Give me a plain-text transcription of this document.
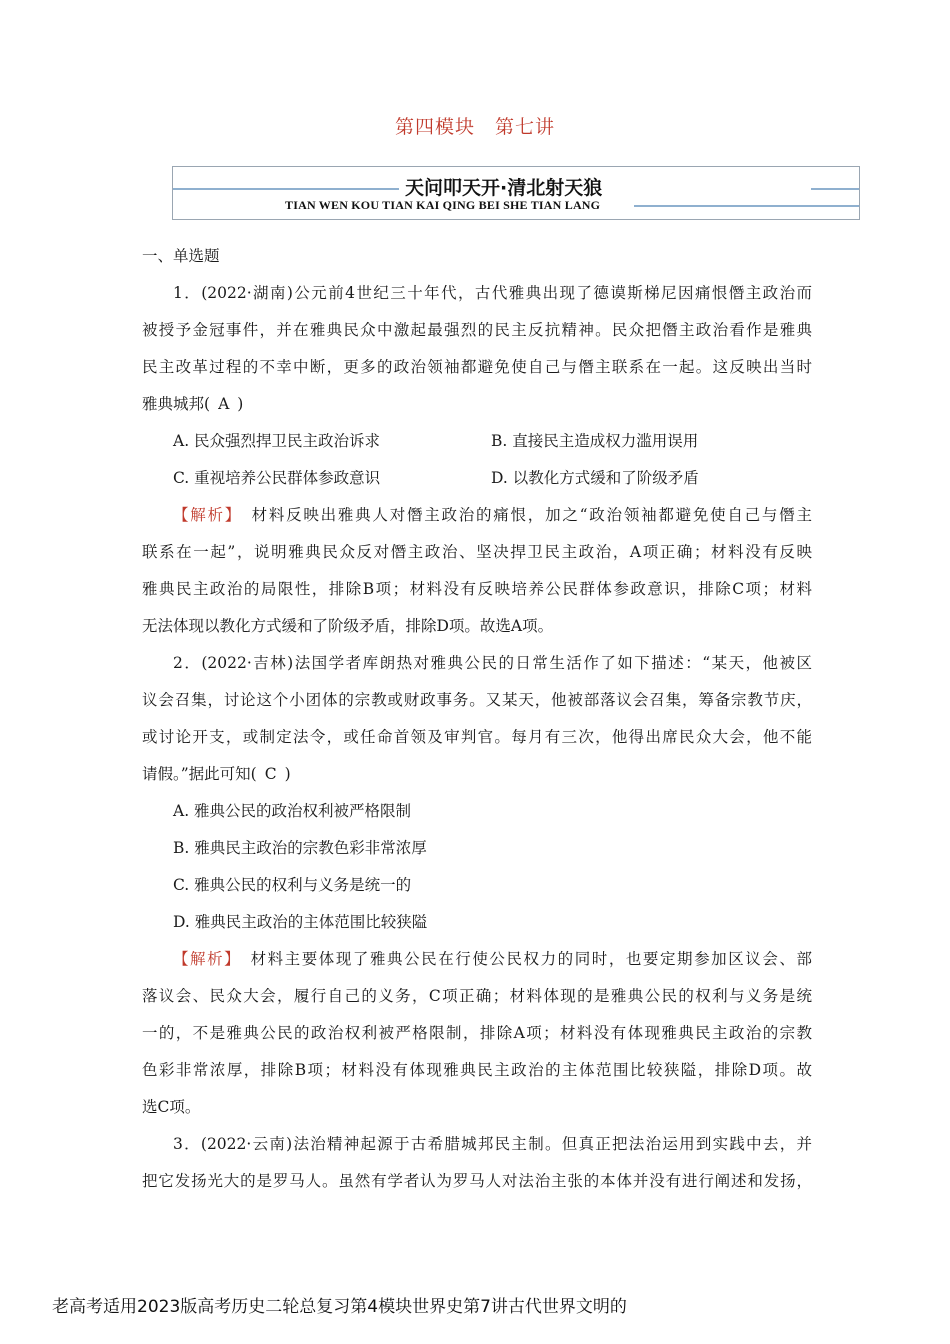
第四模块　第七讲
天问叩天开·清北射天狼
TIAN WEN KOU TIAN KAI QING BEI SHE TIAN LANG

一、单选题

1．(2022·湖南)公元前4世纪三十年代，古代雅典出现了德谟斯梯尼因痛恨僭主政治而

被授予金冠事件，并在雅典民众中激起最强烈的民主反抗精神。民众把僭主政治看作是雅典

民主改革过程的不幸中断，更多的政治领袖都避免使自己与僭主联系在一起。这反映出当时

雅典城邦( A )

A. 民众强烈捍卫民主政治诉求	B. 直接民主造成权力滥用误用
C. 重视培养公民群体参政意识	D. 以教化方式缓和了阶级矛盾

【解析】　 材料反映出雅典人对僭主政治的痛恨，加之“政治领袖都避免使自己与僭主

联系在一起”，说明雅典民众反对僭主政治、坚决捍卫民主政治，A项正确；材料没有反映

雅典民主政治的局限性，排除B项；材料没有反映培养公民群体参政意识，排除C项；材料

无法体现以教化方式缓和了阶级矛盾，排除D项。故选A项。

2．(2022·吉林)法国学者库朗热对雅典公民的日常生活作了如下描述：“某天，他被区

议会召集，讨论这个小团体的宗教或财政事务。又某天，他被部落议会召集，筹备宗教节庆，

或讨论开支，或制定法令，或任命首领及审判官。每月有三次，他得出席民众大会，他不能

请假。”据此可知( C )

A. 雅典公民的政治权利被严格限制

B. 雅典民主政治的宗教色彩非常浓厚

C. 雅典公民的权利与义务是统一的

D. 雅典民主政治的主体范围比较狭隘

【解析】　 材料主要体现了雅典公民在行使公民权力的同时，也要定期参加区议会、部

落议会、民众大会，履行自己的义务，C项正确；材料体现的是雅典公民的权利与义务是统

一的，不是雅典公民的政治权利被严格限制，排除A项；材料没有体现雅典民主政治的宗教

色彩非常浓厚，排除B项；材料没有体现雅典民主政治的主体范围比较狭隘，排除D项。故

选C项。

3．(2022·云南)法治精神起源于古希腊城邦民主制。但真正把法治运用到实践中去，并

把它发扬光大的是罗马人。虽然有学者认为罗马人对法治主张的本体并没有进行阐述和发扬，

老高考适用2023版高考历史二轮总复习第4模块世界史第7讲古代世界文明的
